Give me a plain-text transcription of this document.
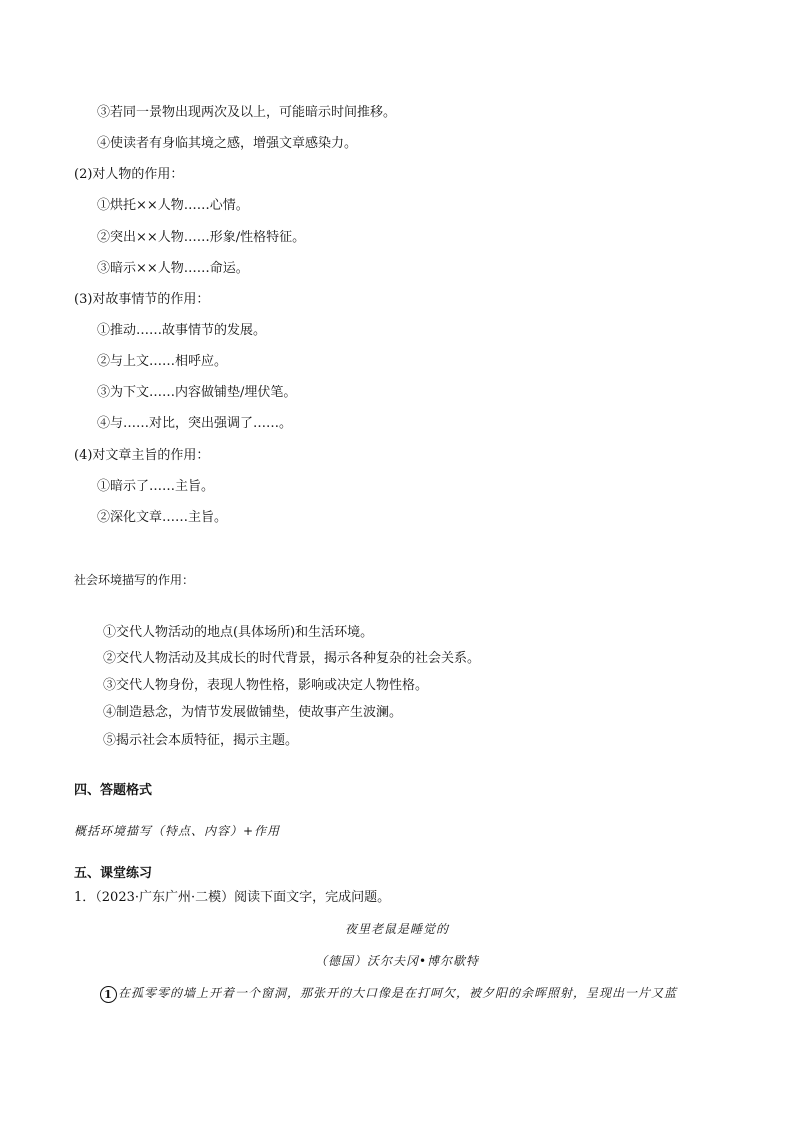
③若同一景物出现两次及以上，可能暗示时间推移。
④使读者有身临其境之感，增强文章感染力。
(2)对人物的作用：
①烘托××人物……心情。
②突出××人物……形象/性格特征。
③暗示××人物……命运。
(3)对故事情节的作用：
①推动……故事情节的发展。
②与上文……相呼应。
③为下文……内容做铺垫/埋伏笔。
④与……对比，突出强调了……。
(4)对文章主旨的作用：
①暗示了……主旨。
②深化文章……主旨。
社会环境描写的作用：
①交代人物活动的地点(具体场所)和生活环境。
②交代人物活动及其成长的时代背景，揭示各种复杂的社会关系。
③交代人物身份，表现人物性格，影响或决定人物性格。
④制造悬念，为情节发展做铺垫，使故事产生波澜。
⑤揭示社会本质特征，揭示主题。
四、答题格式
概括环境描写（特点、内容）+作用
五、课堂练习
1．（2023·广东广州·二模）阅读下面文字，完成问题。
夜里老鼠是睡觉的
（德国）沃尔夫冈•博尔歇特
1 在孤零零的墙上开着一个窗洞，那张开的大口像是在打呵欠，被夕阳的余晖照射，呈现出一片又蓝
